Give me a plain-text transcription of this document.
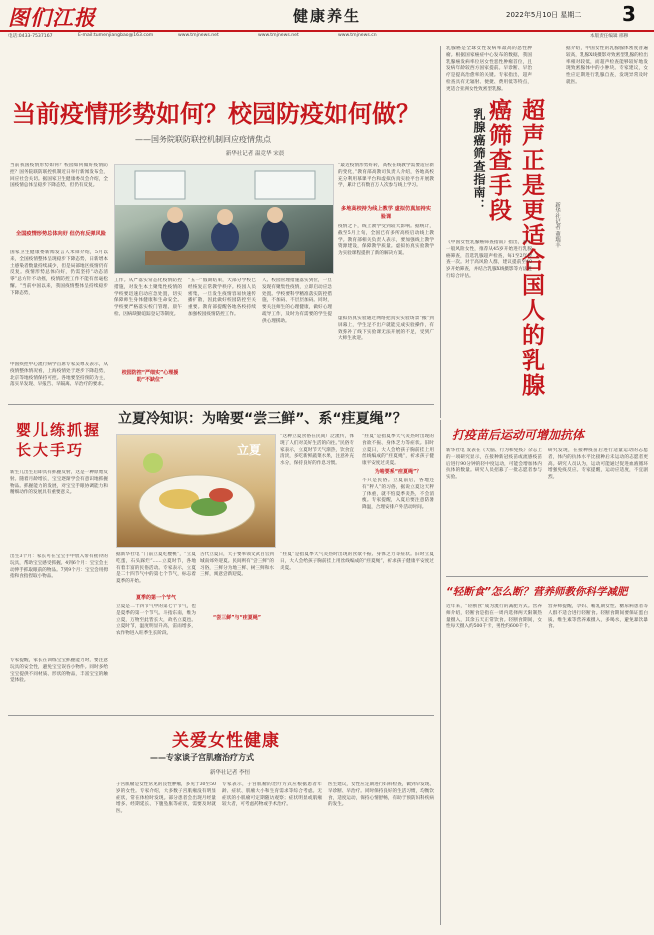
图们江报	健康养生	2022年5月10日 星期二	3
电话:0433-7537167	E-mail:tumenjiangbao@163.com	www.tmjnews.net	www.tmjnews.net	www.tmjnews.cn	本版责任编辑 邢穆
当前疫情形势如何？校园防疫如何做？
——国务院联防联控机制回应疫情焦点
新华社记者 温竞华 宋晨
当前我国疫情形势如何？校园如何做好疫情防控？国务院联防联控机制近日举行新闻发布会，回应社会关切。据国家卫生健康委员会介绍，全国疫情总体呈稳步下降态势，但仍有反复。
全国疫情形势总体向好 但仍有反弹风险
国家卫生健康委新闻发言人米锋介绍，5月以来，全国疫情整体呈现稳步下降态势，日新增本土感染者数量持续减少，但是局部地区疫情仍有反复。疫情形势总体向好，仍需坚持“动态清零”总方针不动摇，疫情防控工作不能有丝毫松懈。“当前中国以来，我国疫情整体呈持续稳步下降态势，
中国疾控中心流行病学首席专家吴尊友表示，从疫情整体情况看，上海疫情处于逐步下降趋势，北京等地疫情保持可控。各地要坚持预防为主，落实早发现、早报告、早隔离、早治疗的要求。
工作。从严落实常态化疫情防控措施，对发生本土聚集性疫情的学校要迅速启动应急处置，切实保障师生身体健康和生命安全。学校要严格落实校门管理、晨午检、因病缺勤追踪登记等制度。
校园防控“严细实”心理援助“不缺位”
“五一”假期结束，大部分学校已经恢复正常教学秩序。校园人员密集，一旦发生疫情容易快速传播扩散，因此做好校园防控至关重要。教育部提醒各地各校持续加强校园疫情防控工作。
人、校园管理措施落实到位，一旦发现有聚集性疫情，立即启动应急处置。学校要科学精准落实防控措施，不加码、不层层加码。同时，要关注师生的心理健康，做好心理疏导工作，及时为有需要的学生提供心理援助。
“最近疫情形势好转，高校在线教学需要适应新的变化，”教育部高教司负责人介绍，各地高校充分利用慕课平台和虚拟仿真实验平台开展教学，累计已有数百万人次参与线上学习。
多地高校持为线上教学 虚拟仿真加持实验课
疫情之下，线上教学受到较大影响。据统计，截至5月上旬，全国已有多所高校启动线上教学。教育部相关负责人表示，要加强线上教学资源建设，保障教学质量。虚拟仿真实验教学为实验课程提供了新的解决方案。
虚拟仿真实验通过网络把真实实验场景“搬”到屏幕上，学生足不出户就能完成实验操作，有效弥补了线下实验课无法开展的不足，受到广大师生欢迎。
乳腺癌是全球女性发病率最高的恶性肿瘤。根据国家癌症中心发布的数据，我国乳腺癌发病率位居女性恶性肿瘤首位，且发病年龄较西方国家提前。早诊断、早治疗是提高治愈率的关键。专家指出，超声检查具有无辐射、便捷、费用低等特点，更适合亚洲女性致密型乳腺。
乳腺癌筛查指南：	超声正是更适合国人的乳腺癌筛查手段
新华社记者 董瑞丰
《中国女性乳腺癌筛查指南》指出，对于一般风险女性，推荐从45岁开始进行乳腺癌筛查，首选乳腺超声检查，每1至2年检查一次。对于高风险人群，建议提前至40岁开始筛查，并结合乳腺X线摄影等方法进行综合评估。
据介绍，中国女性的乳腺腺体密度普遍较高，乳腺X线摄影对致密型乳腺的检出率相对较低，而超声检查能够较好地发现致密腺体中的小肿块。专家建议，女性应定期进行乳腺自查，发现异常及时就医。
婴儿练抓握 长大手巧
新生儿出生后即具有抓握反射，这是一种原始反射。随着月龄增长，宝宝逐渐学会有意识地抓握物品。抓握能力的发展，对宝宝手眼协调能力和精细动作的发展具有重要意义。
出生3个月：家长可在宝宝手中放入带有摇铃的玩具，帮助宝宝感受抓握。4到6个月：宝宝会主动伸手抓取眼前的物品。7到9个月：宝宝会用拇指和食指捏取小物品。
专家提醒，家长在训练宝宝抓握能力时，要注意玩具的安全性，避免宝宝误吞小物件。同时多给宝宝提供不同材质、形状的物品，丰富宝宝的触觉体验。
立夏冷知识：为啥要“尝三鲜”、系“疰夏绳”？
立夏
“这种立夏食俗在民间广泛流传，体现了人们对美好生活的向往。”民俗专家表示，立夏时节天气渐热，饮食宜清淡，多吃新鲜蔬菜水果，注意补充水分，保持良好的作息习惯。
为啥要系“疰夏绳”？
不只是民俗。立夏前后，各地还有“秤人”的习俗，据说立夏这天秤了体重，就不怕夏季炎热，不会消瘦。专家提醒，入夏后要注意防暑降温，合理安排户外活动时间。
“疰夏”是指夏季天气炎热时出现的食欲不振、身体乏力等症状。旧时立夏日，大人会给孩子胸前挂上用丝线编成的“疰夏绳”，祈求孩子健康平安度过炎夏。
据新华社电 “门前立夏吃樱桃”，“立夏吃蛋，石头踩烂”……立夏时节，各地有着丰富的民俗活动。专家表示，立夏是二十四节气中的第七个节气，标志着夏季的开始。
夏季的第一个节气
立夏是二十四节气中的第七个节气，也是夏季的第一个节气。斗指东南，维为立夏，万物至此皆长大，故名立夏也。立夏时节，温度明显升高，雷雨增多，农作物进入旺季生长阶段。
古代立夏日，天子要率领文武百官到城南郊外迎夏。民间则有“尝三鲜”的习俗，三鲜分为地三鲜、树三鲜和水三鲜，寓意尝新迎夏。
“尝三鲜”与“疰夏绳”
“疰夏”是指夏季天气炎热时出现的食欲不振、身体乏力等症状。旧时立夏日，大人会给孩子胸前挂上用丝线编成的“疰夏绳”，祈求孩子健康平安度过炎夏。
打疫苗后运动可增加抗体
新华社电 发表在《大脑、行为和免疫》杂志上的一项研究显示，在接种新冠疫苗或流感疫苗后进行90分钟的轻中度运动，可能会增加体内抗体的数量。研究人员招募了一批志愿者参与实验。
研究发现，在接种疫苗后进行适量运动的志愿者，体内的抗体水平比接种后未运动的志愿者更高。研究人员认为，运动可能通过促进血液循环增强免疫反应。专家提醒，运动应适度，不宜剧烈。
“轻断食”怎么断？营养师教你科学减肥
近年来，“轻断食”成为流行的减肥方式。营养师介绍，轻断食是指在一周内选择两天限制热量摄入，其余五天正常饮食。轻断食期间，女性每天摄入约500千卡，男性约600千卡。
营养师提醒，孕妇、哺乳期女性、糖尿病患者等人群不适合进行轻断食。轻断食期间要保证蛋白质、维生素等营养素摄入，多喝水，避免暴饮暴食。
关爱女性健康
——专家谈子宫肌瘤治疗方式
新华社记者 李恒
子宫肌瘤是女性常见的良性肿瘤，多见于30至50岁的女性。专家介绍，大多数子宫肌瘤没有明显症状，常在体检时发现。部分患者会出现月经量增多、经期延长、下腹坠胀等症状，需要及时就医。
专家表示，子宫肌瘤的治疗方式应根据患者年龄、症状、肌瘤大小和生育需求等综合考虑。无症状的小肌瘤可定期随访观察；症状明显或肌瘤较大者，可考虑药物或手术治疗。
医生建议，女性应定期进行妇科检查，做到早发现、早诊断、早治疗。同时保持良好的生活习惯，均衡饮食，适度运动，保持心情舒畅，有助于预防妇科疾病的发生。
